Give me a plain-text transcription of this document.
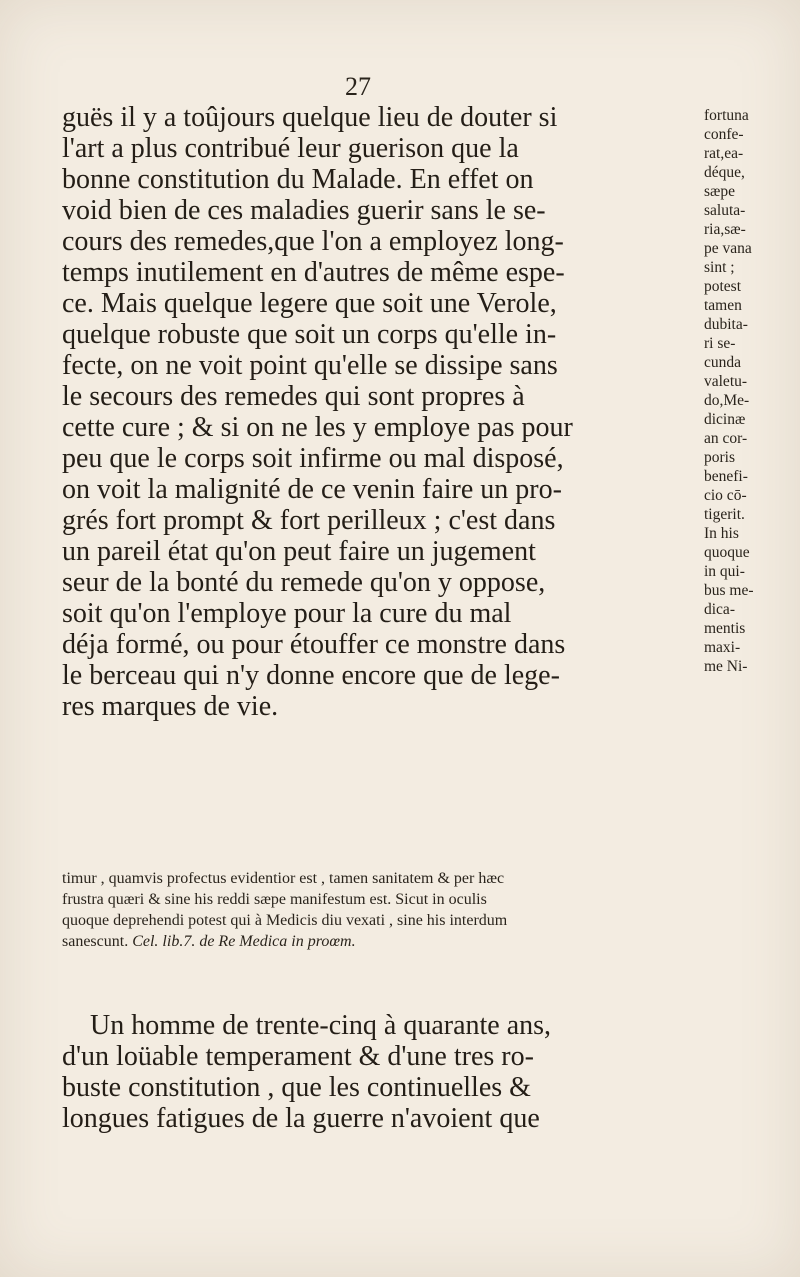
27
guës il y a toûjours quelque lieu de douter si
l'art a plus contribué leur guerison que la
bonne constitution du Malade. En effet on
void bien de ces maladies guerir sans le se-
cours des remedes,que l'on a employez long-
temps inutilement en d'autres de même espe-
ce. Mais quelque legere que soit une Verole,
quelque robuste que soit un corps qu'elle in-
fecte, on ne voit point qu'elle se dissipe sans
le secours des remedes qui sont propres à
cette cure ; & si on ne les y employe pas pour
peu que le corps soit infirme ou mal disposé,
on voit la malignité de ce venin faire un pro-
grés fort prompt & fort perilleux ; c'est dans
un pareil état qu'on peut faire un jugement
seur de la bonté du remede qu'on y oppose,
soit qu'on l'employe pour la cure du mal
déja formé, ou pour étouffer ce monstre dans
le berceau qui n'y donne encore que de lege-
res marques de vie.
fortuna
confe-
rat,ea-
déque,
sæpe
saluta-
ria,sæ-
pe vana
sint ;
potest
tamen
dubita-
ri se-
cunda
valetu-
do,Me-
dicinæ
an cor-
poris
benefi-
cio cō-
tigerit.
In his
quoque
in qui-
bus me-
dica-
mentis
maxi-
me Ni-
timur , quamvis profectus evidentior est , tamen sanitatem & per hæc
frustra quæri & sine his reddi sæpe manifestum est. Sicut in oculis
quoque deprehendi potest qui à Medicis diu vexati , sine his interdum
sanescunt. Cel. lib.7. de Re Medica in proœm.
Un homme de trente-cinq à quarante ans,
d'un loüable temperament & d'une tres ro-
buste constitution , que les continuelles &
longues fatigues de la guerre n'avoient que
